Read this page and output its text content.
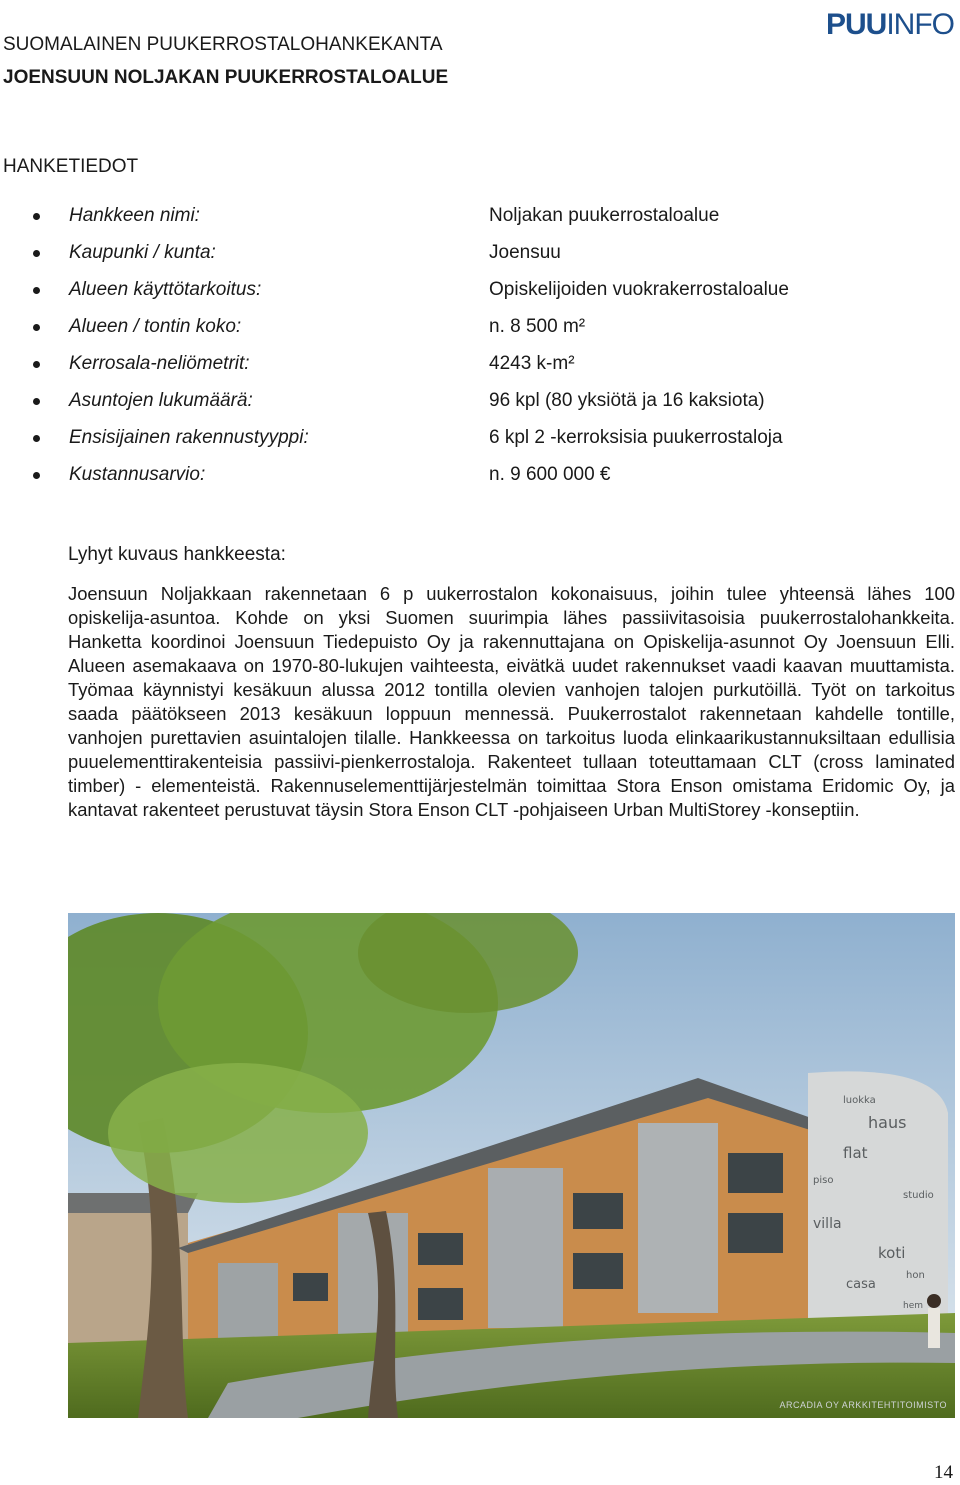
PUUINFO
SUOMALAINEN PUUKERROSTALOHANKEKANTA
JOENSUUN NOLJAKAN PUUKERROSTALOALUE
HANKETIEDOT
Hankkeen nimi:	Noljakan puukerrostaloalue
Kaupunki / kunta:	Joensuu
Alueen käyttötarkoitus:	Opiskelijoiden vuokrakerrostaloalue
Alueen / tontin koko:	n. 8 500 m²
Kerrosala-neliömetrit:	4243 k-m²
Asuntojen lukumäärä:	96 kpl (80 yksiötä ja 16 kaksiota)
Ensisijainen rakennustyyppi:	6 kpl 2 -kerroksisia puukerrostaloja
Kustannusarvio:	n. 9 600 000 €
Lyhyt kuvaus hankkeesta:

Joensuun Noljakkaan rakennetaan 6 p uukerrostalon kokonaisuus, joihin tulee yhteensä lähes 100 opiskelija-asuntoa. Kohde on yksi Suomen suurimpia lähes passiivitasoisia puukerrostalohankkeita. Hanketta koordinoi Joensuun Tiedepuisto Oy ja rakennuttajana on Opiskelija-asunnot Oy Joensuun Elli. Alueen asemakaava on 1970-80-lukujen vaihteesta, eivätkä uudet rakennukset vaadi kaavan muuttamista. Työmaa käynnistyi kesäkuun alussa 2012 tontilla olevien vanhojen talojen purkutöillä. Työt on tarkoitus saada päätökseen 2013 kesäkuun loppuun mennessä. Puukerrostalot rakennetaan kahdelle tontille, vanhojen purettavien asuintalojen tilalle. Hankkeessa on tarkoitus luoda elinkaarikustannuksiltaan edullisia puuelementtirakenteisia passiivi-pienkerrostaloja. Rakenteet tullaan toteuttamaan CLT (cross laminated timber) - elementeistä. Rakennuselementtijärjestelmän toimittaa Stora Enson omistama Eridomic Oy, ja kantavat rakenteet perustuvat täysin Stora Enson CLT -pohjaiseen Urban MultiStorey -konseptiin.

luokka
haus
flat
piso
studio
villa
koti
hon
casa
hem
ARCADIA OY ARKKITEHTITOIMISTO
14
